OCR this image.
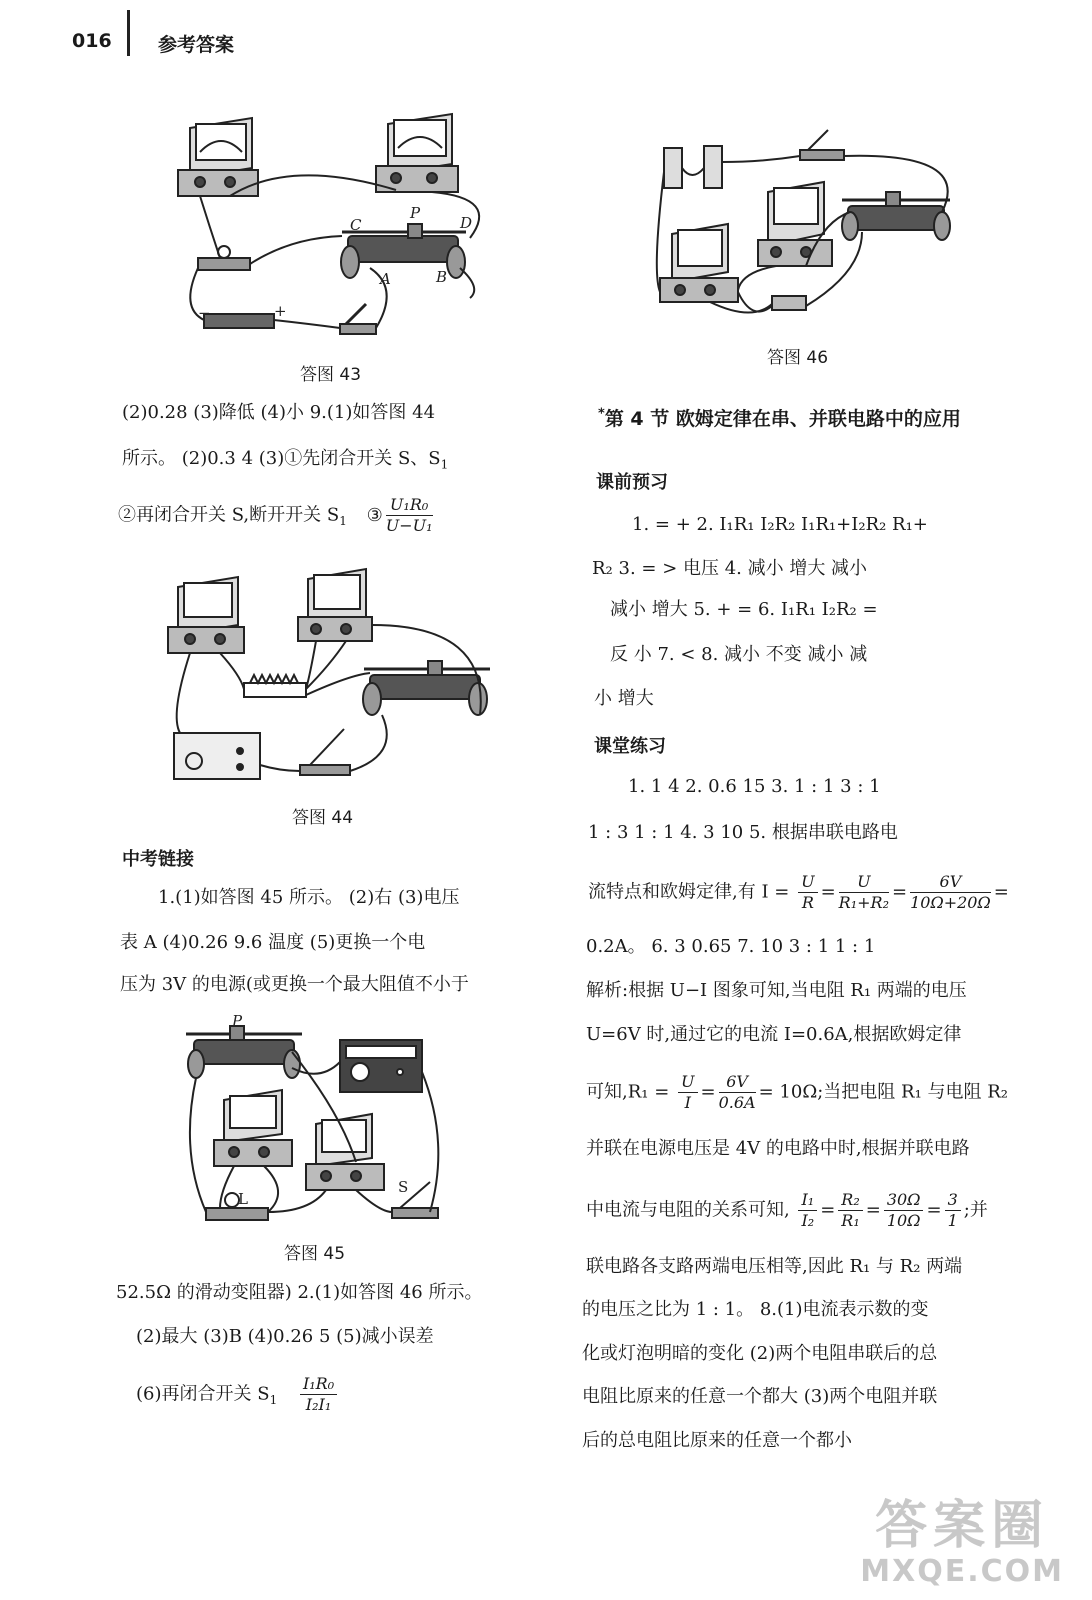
016 参考答案
C
P
D
A	B
−	+
答图 43
(2)0.28 (3)降低 (4)小 9.(1)如答图 44
所示。 (2)0.3 4 (3)①先闭合开关 S、$S_1$
②再闭合开关 S,断开开关 $S_1$ ③ $\frac{\text{U₁R₀}}{\text{U−U₁}}$
答图 44
中考链接
1.(1)如答图 45 所示。 (2)右 (3)电压
表 A (4)0.26 9.6 温度 (5)更换一个电
压为 3V 的电源(或更换一个最大阻值不小于
P
L
S
答图 45
52.5Ω 的滑动变阻器) 2.(1)如答图 46 所示。
(2)最大 (3)B (4)0.26 5 (5)减小误差
(6)再闭合开关 $S_1 \frac{\text{I₁R₀}}{\text{I₂I₁}}$
答图 46
*第 4 节 欧姆定律在串、并联电路中的应用
课前预习
1. = + 2. I₁R₁ I₂R₂ I₁R₁+I₂R₂ R₁+
R₂ 3. = > 电压 4. 减小 增大 减小
减小 增大 5. + = 6. I₁R₁ I₂R₂ =
反 小 7. < 8. 减小 不变 减小 减
小 增大
课堂练习
1. 1 4 2. 0.6 15 3. 1 : 1 3 : 1
1 : 3 1 : 1 4. 3 10 5. 根据串联电路电
流特点和欧姆定律,有 $I = \frac{U}{R} = \frac{U}{\text{R₁+R₂}} = \frac{6V}{10\Omega+20\Omega}$ =
0.2A。 6. 3 0.65 7. 10 3 : 1 1 : 1
解析:根据 U−I 图象可知,当电阻 R₁ 两端的电压
U=6V 时,通过它的电流 I=0.6A,根据欧姆定律
可知$,R_1 = \frac{U}{I} = \frac{6V}{0.6A} = 10\Omega$;当把电阻 R₁ 与电阻 R₂
并联在电源电压是 4V 的电路中时,根据并联电路
中电流与电阻的关系可知, $\frac{\text{I₁}}{\text{I₂}} = \frac{\text{R₂}}{\text{R₁}} = \frac{30\Omega}{10\Omega} = \frac{3}{1}$ ;并
联电路各支路两端电压相等,因此 R₁ 与 R₂ 两端
的电压之比为 1 : 1。 8.(1)电流表示数的变
化或灯泡明暗的变化 (2)两个电阻串联后的总
电阻比原来的任意一个都大 (3)两个电阻并联
后的总电阻比原来的任意一个都小
答案圈
MXQE.COM
